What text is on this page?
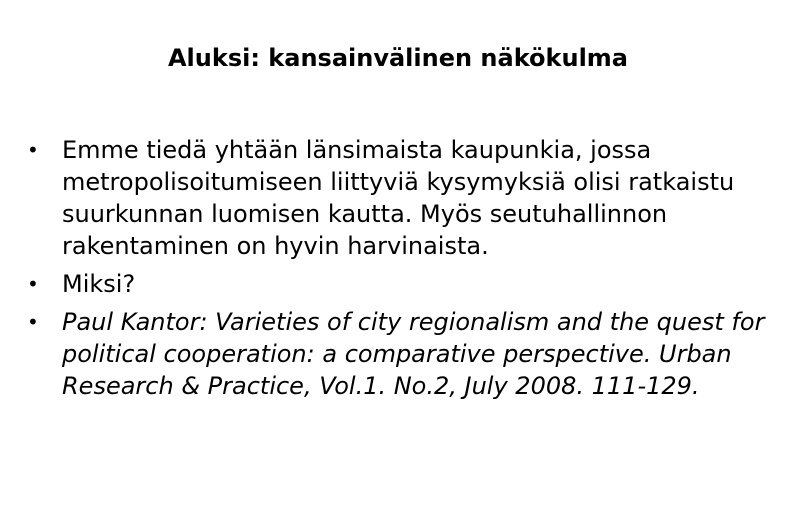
Aluksi: kansainvälinen näkökulma
• Emme tiedä yhtään länsimaista kaupunkia, jossa metropolisoitumiseen liittyviä kysymyksiä olisi ratkaistu suurkunnan luomisen kautta. Myös seutuhallinnon rakentaminen on hyvin harvinaista.
• Miksi?
• Paul Kantor: Varieties of city regionalism and the quest for political cooperation: a comparative perspective. Urban Research & Practice, Vol.1. No.2, July 2008. 111-129.
